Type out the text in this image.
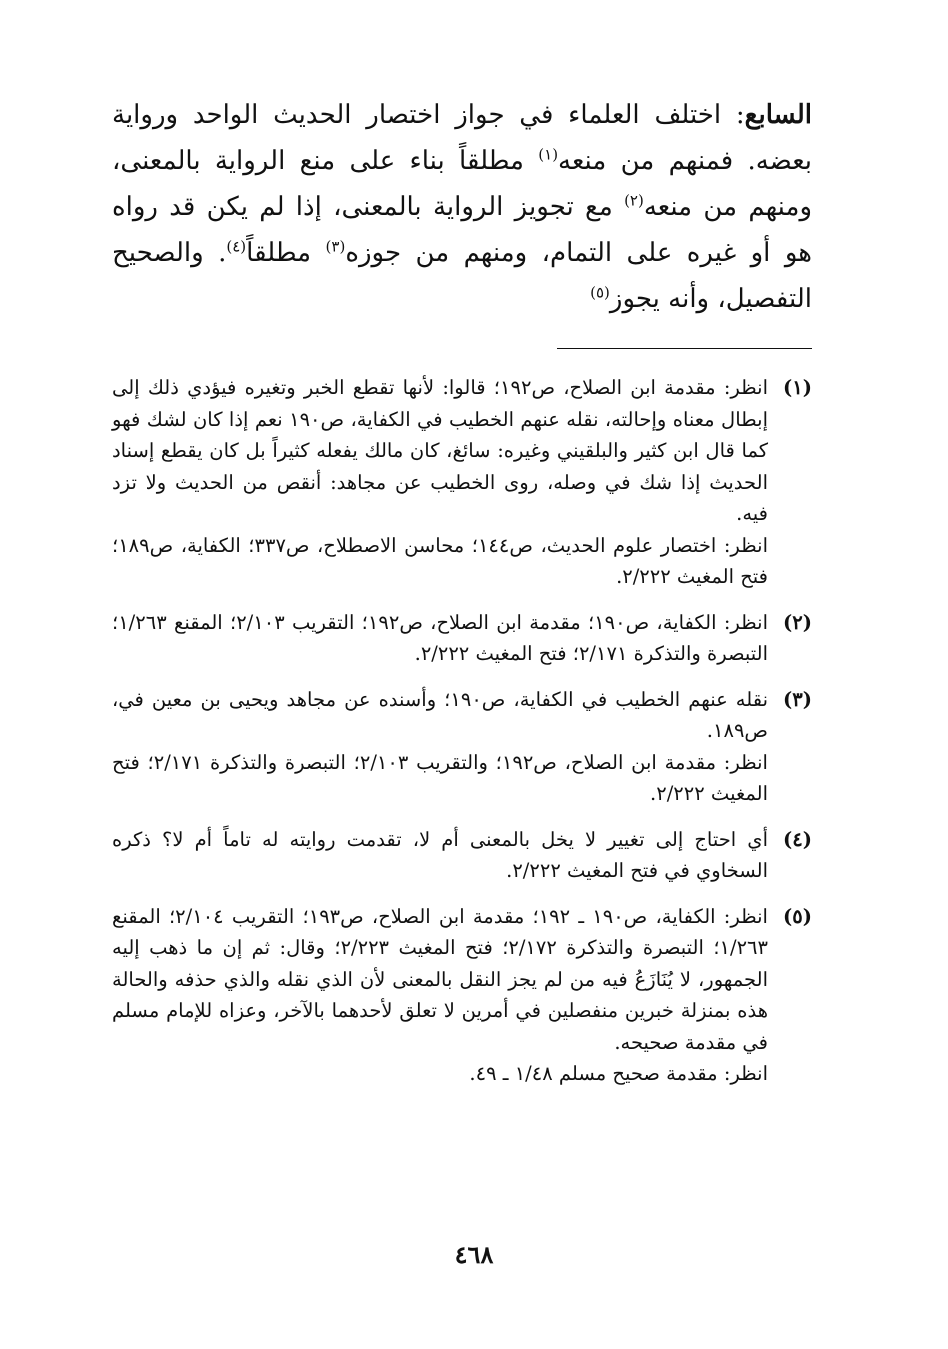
السابع: اختلف العلماء في جواز اختصار الحديث الواحد ورواية بعضه. فمنهم من منعه$^{(١)}$ مطلقاً بناء على منع الرواية بالمعنى، ومنهم من منعه$^{(٢)}$ مع تجويز الرواية بالمعنى، إذا لم يكن قد رواه هو أو غيره على التمام، ومنهم من جوزه$^{(٣)}$ مطلقاً$^{(٤)}$. والصحيح التفصيل، وأنه يجوز$^{(٥)}$

(١)

انظر: مقدمة ابن الصلاح، ص١٩٢؛ قالوا: لأنها تقطع الخبر وتغيره فيؤدي ذلك إلى إبطال معناه وإحالته، نقله عنهم الخطيب في الكفاية، ص١٩٠ نعم إذا كان لشك فهو كما قال ابن كثير والبلقيني وغيره: سائغ، كان مالك يفعله كثيراً بل كان يقطع إسناد الحديث إذا شك في وصله، روى الخطيب عن مجاهد: أنقص من الحديث ولا تزد فيه.

انظر: اختصار علوم الحديث، ص١٤٤؛ محاسن الاصطلاح، ص٣٣٧؛ الكفاية، ص١٨٩؛ فتح المغيث ٢/٢٢٢.

(٢)

انظر: الكفاية، ص١٩٠؛ مقدمة ابن الصلاح، ص١٩٢؛ التقريب ٢/١٠٣؛ المقنع ١/٢٦٣؛ التبصرة والتذكرة ٢/١٧١؛ فتح المغيث ٢/٢٢٢.

(٣)

نقله عنهم الخطيب في الكفاية، ص١٩٠؛ وأسنده عن مجاهد ويحيى بن معين في، ص١٨٩.

انظر: مقدمة ابن الصلاح، ص١٩٢؛ والتقريب ٢/١٠٣؛ التبصرة والتذكرة ٢/١٧١؛ فتح المغيث ٢/٢٢٢.

(٤)

أي احتاج إلى تغيير لا يخل بالمعنى أم لا، تقدمت روايته له تاماً أم لا؟ ذكره السخاوي في فتح المغيث ٢/٢٢٢.

(٥)

انظر: الكفاية، ص١٩٠ ـ ١٩٢؛ مقدمة ابن الصلاح، ص١٩٣؛ التقريب ٢/١٠٤؛ المقنع ١/٢٦٣؛ التبصرة والتذكرة ٢/١٧٢؛ فتح المغيث ٢/٢٢٣؛ وقال: ثم إن ما ذهب إليه الجمهور، لا يُنَازَعُ فيه من لم يجز النقل بالمعنى لأن الذي نقله والذي حذفه والحالة هذه بمنزلة خبرين منفصلين في أمرين لا تعلق لأحدهما بالآخر، وعزاه للإمام مسلم في مقدمة صحيحه.

انظر: مقدمة صحيح مسلم ١/٤٨ ـ ٤٩.

٤٦٨
